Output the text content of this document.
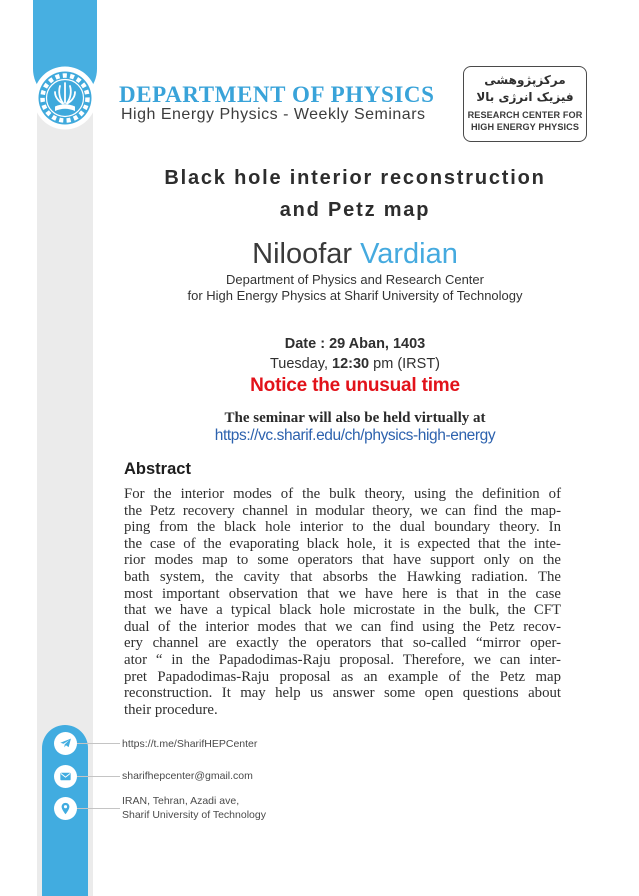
DEPARTMENT OF PHYSICS
High Energy Physics - Weekly Seminars
مرکزپژوهشی
فیزیک انرژی بالا
RESEARCH CENTER FOR
HIGH ENERGY PHYSICS
Black hole interior reconstruction
and Petz map
Niloofar Vardian
Department of Physics and Research Center
for High Energy Physics at Sharif University of Technology
Date : 29 Aban, 1403
Tuesday, 12:30 pm (IRST)
Notice the unusual time
The seminar will also be held virtually at
https://vc.sharif.edu/ch/physics-high-energy
Abstract
For the interior modes of the bulk theory, using the definition of
the Petz recovery channel in modular theory, we can find the map-
ping from the black hole interior to the dual boundary theory. In
the case of the evaporating black hole, it is expected that the inte-
rior modes map to some operators that have support only on the
bath system, the cavity that absorbs the Hawking radiation. The
most important observation that we have here is that in the case
that we have a typical black hole microstate in the bulk, the CFT
dual of the interior modes that we can find using the Petz recov-
ery channel are exactly the operators that so-called “mirror oper-
ator “ in the Papadodimas-Raju proposal. Therefore, we can inter-
pret Papadodimas-Raju proposal as an example of the Petz map
reconstruction. It may help us answer some open questions about
their procedure.
https://t.me/SharifHEPCenter
sharifhepcenter@gmail.com
IRAN, Tehran, Azadi ave,
Sharif University of Technology
